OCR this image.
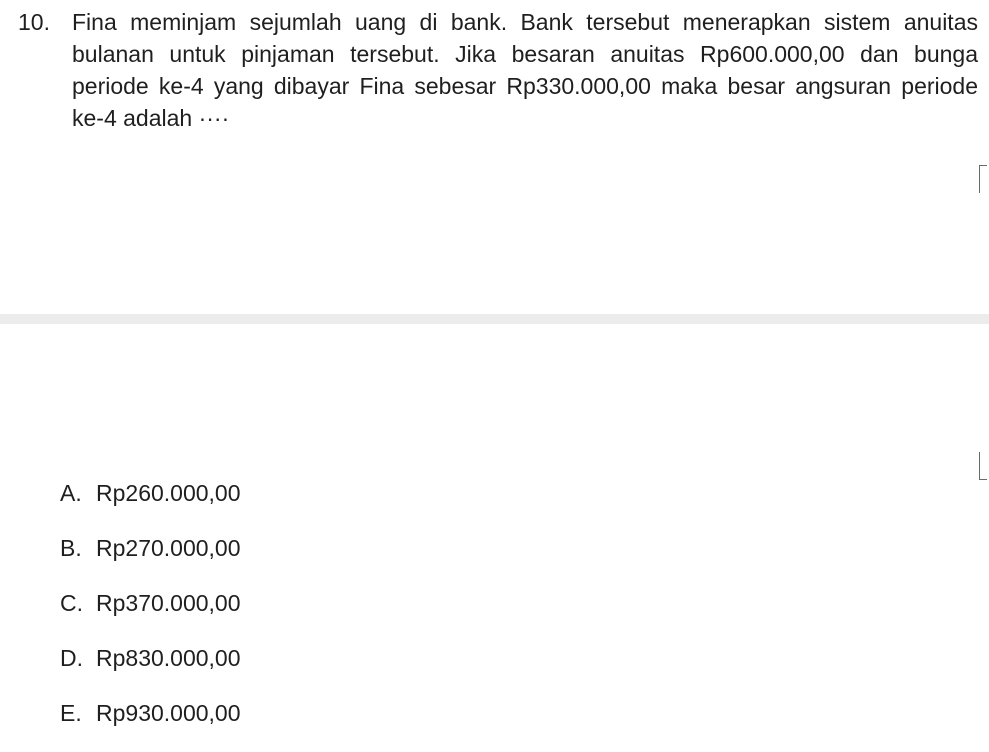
10. Fina meminjam sejumlah uang di bank. Bank tersebut menerapkan sistem anuitas bulanan untuk pinjaman tersebut. Jika besaran anuitas Rp600.000,00 dan bunga periode ke-4 yang dibayar Fina sebesar Rp330.000,00 maka besar angsuran periode ke-4 adalah ····
A. Rp260.000,00
B. Rp270.000,00
C. Rp370.000,00
D. Rp830.000,00
E. Rp930.000,00
